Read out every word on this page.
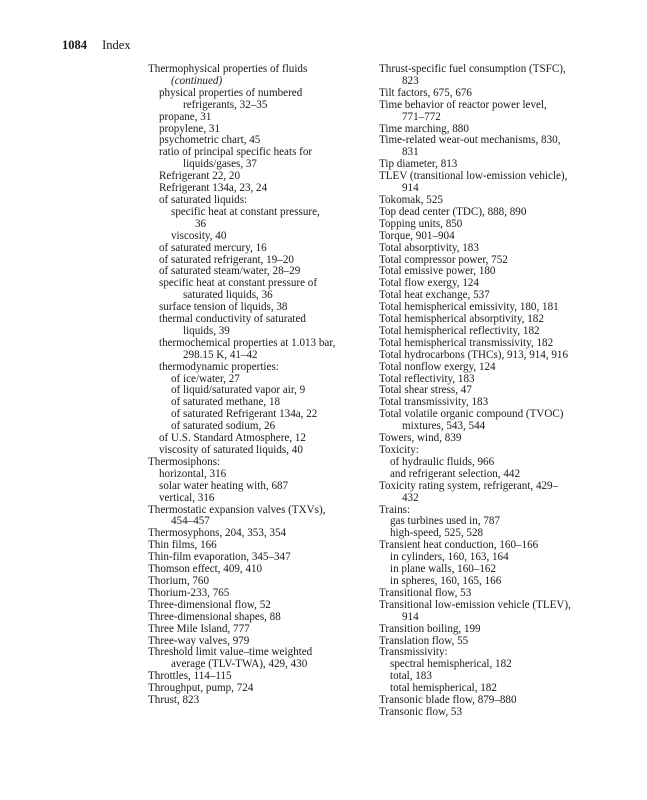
1084 Index
Thermophysical properties of fluids
(continued)
physical properties of numbered
refrigerants, 32–35
propane, 31
propylene, 31
psychometric chart, 45
ratio of principal specific heats for
liquids/gases, 37
Refrigerant 22, 20
Refrigerant 134a, 23, 24
of saturated liquids:
specific heat at constant pressure,
36
viscosity, 40
of saturated mercury, 16
of saturated refrigerant, 19–20
of saturated steam/water, 28–29
specific heat at constant pressure of
saturated liquids, 36
surface tension of liquids, 38
thermal conductivity of saturated
liquids, 39
thermochemical properties at 1.013 bar,
298.15 K, 41–42
thermodynamic properties:
of ice/water, 27
of liquid/saturated vapor air, 9
of saturated methane, 18
of saturated Refrigerant 134a, 22
of saturated sodium, 26
of U.S. Standard Atmosphere, 12
viscosity of saturated liquids, 40
Thermosiphons:
horizontal, 316
solar water heating with, 687
vertical, 316
Thermostatic expansion valves (TXVs),
454–457
Thermosyphons, 204, 353, 354
Thin films, 166
Thin-film evaporation, 345–347
Thomson effect, 409, 410
Thorium, 760
Thorium-233, 765
Three-dimensional flow, 52
Three-dimensional shapes, 88
Three Mile Island, 777
Three-way valves, 979
Threshold limit value–time weighted
average (TLV-TWA), 429, 430
Throttles, 114–115
Throughput, pump, 724
Thrust, 823
Thrust-specific fuel consumption (TSFC),
823
Tilt factors, 675, 676
Time behavior of reactor power level,
771–772
Time marching, 880
Time-related wear-out mechanisms, 830,
831
Tip diameter, 813
TLEV (transitional low-emission vehicle),
914
Tokomak, 525
Top dead center (TDC), 888, 890
Topping units, 850
Torque, 901–904
Total absorptivity, 183
Total compressor power, 752
Total emissive power, 180
Total flow exergy, 124
Total heat exchange, 537
Total hemispherical emissivity, 180, 181
Total hemispherical absorptivity, 182
Total hemispherical reflectivity, 182
Total hemispherical transmissivity, 182
Total hydrocarbons (THCs), 913, 914, 916
Total nonflow exergy, 124
Total reflectivity, 183
Total shear stress, 47
Total transmissivity, 183
Total volatile organic compound (TVOC)
mixtures, 543, 544
Towers, wind, 839
Toxicity:
of hydraulic fluids, 966
and refrigerant selection, 442
Toxicity rating system, refrigerant, 429–
432
Trains:
gas turbines used in, 787
high-speed, 525, 528
Transient heat conduction, 160–166
in cylinders, 160, 163, 164
in plane walls, 160–162
in spheres, 160, 165, 166
Transitional flow, 53
Transitional low-emission vehicle (TLEV),
914
Transition boiling, 199
Translation flow, 55
Transmissivity:
spectral hemispherical, 182
total, 183
total hemispherical, 182
Transonic blade flow, 879–880
Transonic flow, 53
